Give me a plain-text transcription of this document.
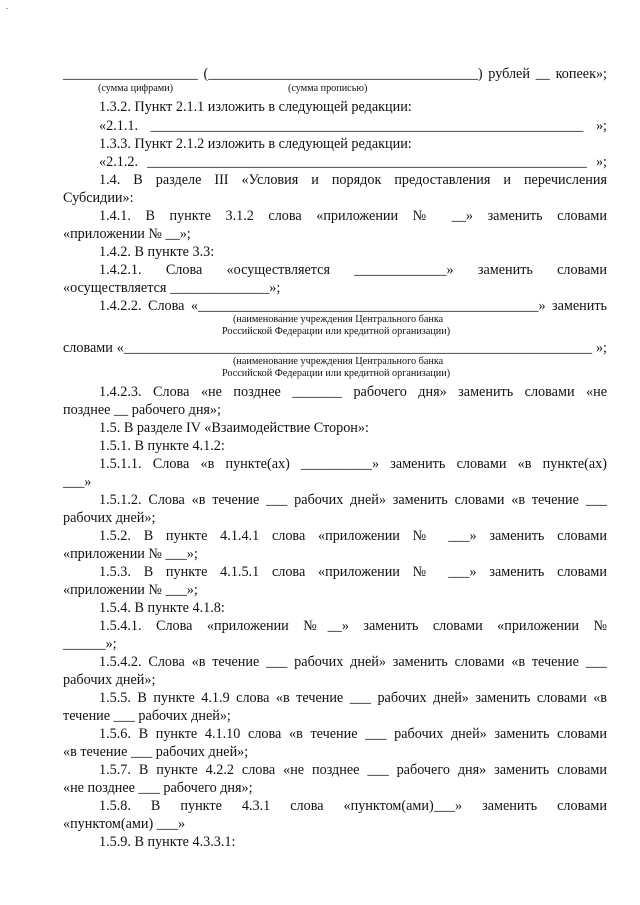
.
___________________ (______________________________________) рублей __ копеек»;
(сумма цифрами)	(сумма прописью)
1.3.2. Пункт 2.1.1 изложить в следующей редакции:
«2.1.1. _____________________________________________________________ »;
1.3.3. Пункт 2.1.2 изложить в следующей редакции:
«2.1.2. ______________________________________________________________ »;
1.4. В разделе III «Условия и порядок предоставления и перечисления
Субсидии»:
1.4.1. В пункте 3.1.2 слова «приложении № __» заменить словами
«приложении № __»;
1.4.2. В пункте 3.3:
1.4.2.1. Слова «осуществляется _____________» заменить словами
«осуществляется ______________»;
1.4.2.2. Слова «________________________________________________» заменить
(наименование учреждения Центрального банка
Российской Федерации или кредитной организации)
словами «__________________________________________________________________ »;
(наименование учреждения Центрального банка
Российской Федерации или кредитной организации)
1.4.2.3. Слова «не позднее _______ рабочего дня» заменить словами «не
позднее __ рабочего дня»;
1.5. В разделе IV «Взаимодействие Сторон»:
1.5.1. В пункте 4.1.2:
1.5.1.1. Слова «в пункте(ах) __________» заменить словами «в пункте(ах)
___»
1.5.1.2. Слова «в течение ___ рабочих дней» заменить словами «в течение ___
рабочих дней»;
1.5.2. В пункте 4.1.4.1 слова «приложении № ___» заменить словами
«приложении № ___»;
1.5.3. В пункте 4.1.5.1 слова «приложении № ___» заменить словами
«приложении № ___»;
1.5.4. В пункте 4.1.8:
1.5.4.1. Слова «приложении №__» заменить словами «приложении №
______»;
1.5.4.2. Слова «в течение ___ рабочих дней» заменить словами «в течение ___
рабочих дней»;
1.5.5. В пункте 4.1.9 слова «в течение ___ рабочих дней» заменить словами «в
течение ___ рабочих дней»;
1.5.6. В пункте 4.1.10 слова «в течение ___ рабочих дней» заменить словами
«в течение ___ рабочих дней»;
1.5.7. В пункте 4.2.2 слова «не позднее ___ рабочего дня» заменить словами
«не позднее ___ рабочего дня»;
1.5.8. В пункте 4.3.1 слова «пунктом(ами)___» заменить словами
«пунктом(ами) ___»
1.5.9. В пункте 4.3.3.1:
